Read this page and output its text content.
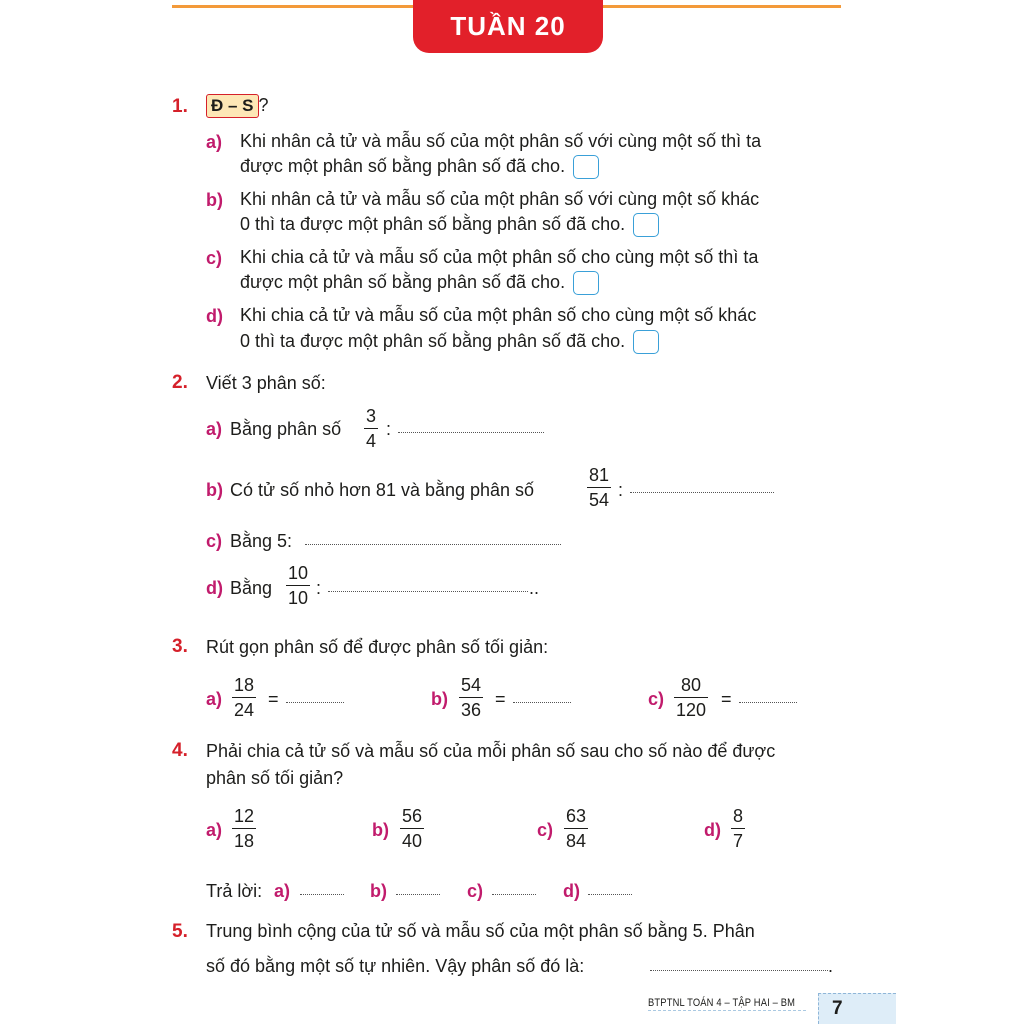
TUẦN 20
1. Đ – S ?
a) Khi nhân cả tử và mẫu số của một phân số với cùng một số thì ta
được một phân số bằng phân số đã cho.
b) Khi nhân cả tử và mẫu số của một phân số với cùng một số khác
0 thì ta được một phân số bằng phân số đã cho.
c) Khi chia cả tử và mẫu số của một phân số cho cùng một số thì ta
được một phân số bằng phân số đã cho.
d) Khi chia cả tử và mẫu số của một phân số cho cùng một số khác
0 thì ta được một phân số bằng phân số đã cho.
2. Viết 3 phân số:
a) Bằng phân số
3
4
:
b) Có tử số nhỏ hơn 81 và bằng phân số
81
54
:
c) Bằng 5:
d) Bằng
10
10
:	..
3. Rút gọn phân số để được phân số tối giản:
a)
18
24
=	b)
54
36
=	c)
80
120
=
4. Phải chia cả tử số và mẫu số của mỗi phân số sau cho số nào để được
phân số tối giản?
a)
12
18
b)
56
40
c)
63
84
d)
8
7
Trả lời: a)	b)	c)	d)
5. Trung bình cộng của tử số và mẫu số của một phân số bằng 5. Phân
số đó bằng một số tự nhiên. Vậy phân số đó là:	.
BTPTNL TOÁN 4 – TẬP HAI – BM	7
